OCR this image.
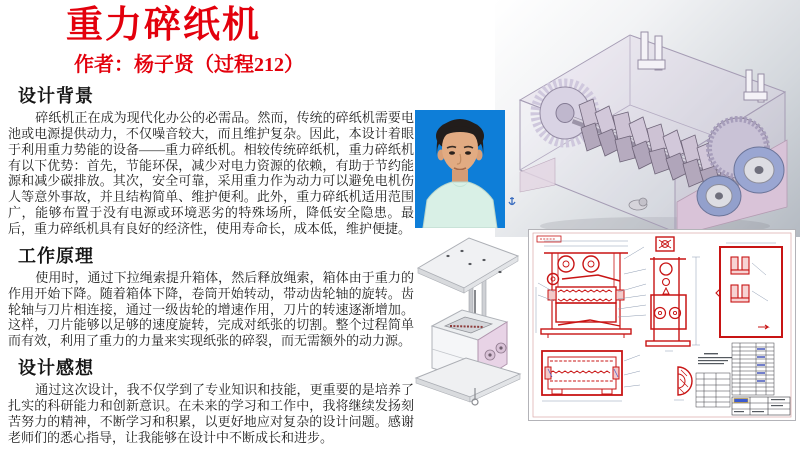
重力碎纸机
作者：杨子贤（过程212）
设计背景

碎纸机正在成为现代化办公的必需品。然而，传统的碎纸机需要电池或电源提供动力，不仅噪音较大，而且维护复杂。因此，本设计着眼于利用重力势能的设备——重力碎纸机。相较传统碎纸机，重力碎纸机有以下优势：首先，节能环保，减少对电力资源的依赖，有助于节约能源和减少碳排放。其次，安全可靠，采用重力作为动力可以避免电机伤人等意外事故，并且结构简单、维护便利。此外，重力碎纸机适用范围广，能够布置于没有电源或环境恶劣的特殊场所，降低安全隐患。最后，重力碎纸机具有良好的经济性，使用寿命长，成本低，维护便捷。

工作原理

使用时，通过下拉绳索提升箱体，然后释放绳索，箱体由于重力的作用开始下降。随着箱体下降，卷筒开始转动，带动齿轮轴的旋转。齿轮轴与刀片相连接，通过一级齿轮的增速作用，刀片的转速逐渐增加。这样，刀片能够以足够的速度旋转，完成对纸张的切割。整个过程简单而有效，利用了重力的力量来实现纸张的碎裂，而无需额外的动力源。

设计感想

通过这次设计，我不仅学到了专业知识和技能，更重要的是培养了扎实的科研能力和创新意识。在未来的学习和工作中，我将继续发扬刻苦努力的精神，不断学习和积累，以更好地应对复杂的设计问题。感谢老师们的悉心指导，让我能够在设计中不断成长和进步。
